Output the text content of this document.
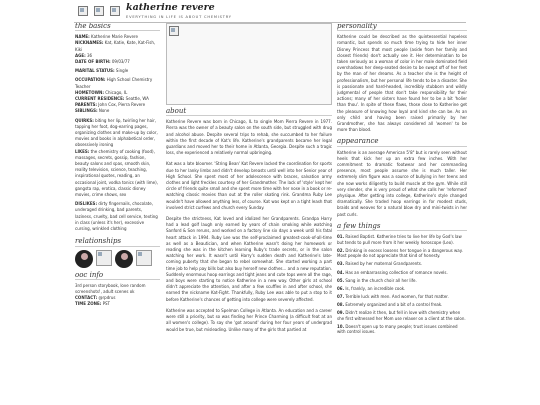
katherine revere
EVERYTHING IN LIFE IS ABOUT CHEMISTRY
the basics
NAME: Katherine Marie Revere
NICKNAMES: Kat, Katie, Kate, Kat-Fish, Kiki
AGE: 36
DATE OF BIRTH: 09/03/77
MARITAL STATUS: Single
OCCUPATION: High School Chemistry Teacher
HOMETOWN: Chicago, IL
CURRENT RESIDENCE: Seattle, WA
PARENTS: John Cox, Pierra Revere
SIBLINGS: None
QUIRKS: biting her lip, twirling her hair, tapping her foot, dog-earring pages, organizing clothes and make-up by color, movies and books in alphabetical order, obsessively ironing
LIKES: the chemistry of cooking (food), massages, secrets, gossip, fashion, beauty salons and spas, smooth skin, reality television, science, teaching, inspirational quotes, reading, an occasional joint, vodka tonics (with lime), gangsta rap, erotica, classic disney movies, crime shows, sex
DISLIKES: dirty fingernails, chocolate, underaged drinking, bad parents, laziness, cruelty, bad cell service, texting in class (unless it's her), excessive cursing, wrinkled clothing
relationships
ooc info
3rd person storybook, love random screenshots!, adult scenes ok
CONTACT: @rpdrus
TIME ZONE: PST
about
Katherine Revere was born in Chicago, IL to single Mom Pierra Revere in 1977. Pierra was the owner of a beauty salon on the south side, but struggled with drug and alcohol abuse. Despite several trips to rehab, she succumbed to her failure within the first decade of Kat's life. Katherine's grandparents became her legal guardians and moved her to their home in Atlanta, Georgia. Despite such a tragic loss, she experienced a relatively normal upbringing.
Kat was a late bloomer. 'String Bean' Kat Revere lacked the coordination for sports due to her lanky limbs and didn't develop breasts until well into her Senior year of High School. She spent most of her adolescence with braces, salvation army clothes and light freckles courtesy of her Grandmother. The lack of 'style' kept her circle of friends quite small and she spent more time with her nose in a book or re-watching classic movies than out at the roller skating rink. Grandma Ruby Lee wouldn't have allowed anything less, of course. Kat was kept on a tight leash that involved strict curfews and church every Sunday.
Despite the strictness, Kat loved and idolized her Grandparents. Grandpa Harry had a lead golf laugh only earned by years of chain smoking while watching Sanford & Son reruns, and worked on a factory line six days a week until his fatal heart attack in 1994. Ruby Lee was the self-proclaimed greatest-cook-of-all-time as well as a Beautician, and when Katherine wasn't doing her homework or reading she was in the kitchen learning Ruby's trade secrets, or in the salon watching her work. It wasn't until Harry's sudden death and Katherine's late-coming puberty that she began to rebel somewhat. She started working a part time job to help pay bills but also buy herself new clothes... and a new reputation. Suddenly enormous hoop earrings and tight jeans and cute tops were all the rage, and boys were starting to notice Katherine in a new way. Other girls at school didn't appreciate the attention, and after a few scuffles in and after school, she earned the nickname Kat-Fight. Thankfully, Ruby Lee was able to put a stop to it before Katherine's chances of getting into college were severely affected.
Katherine was accepted to Spelman College in Atlanta. An education and a career were still a priority, but so was finding her Prince Charming (a difficult feat at an all women's college). To say she 'got around' during her four years of undergrad would be true, but misleading. Unlike many of the girls that partied at
personality
Katherine could be described as the quintessential hopeless romantic, but spends so much time trying to hide her inner Disney Princess that most people (aside from her family and closest friends) don't actually see it. Her determination to be taken seriously as a woman of color in her male dominated field overshadows her deep-seated desire to be swept off of her feet by the man of her dreams. As a teacher she is the height of professionalism, but her personal life tends to be a disaster. She is passionate and hard-headed, incredibly stubborn and wildly judgmental of people that don't take responsibility for their actions; many of her sisters have found her to be a bit 'holier than thou'. In spite of these flaws, those close to Katherine get the pleasure of knowing how loyal and kind she can be. As an only child and having been raised primarily by her Grandmother, she has always considered all 'women' to be more than blood.
appearance
Katherine is an average American 5'8" but is rarely seen without heels that kick her up an extra few inches. With her commitment to dramatic footwear and her commanding presence, most people assume she is much taller. Her extremely slim figure was a source of bullying in her teens and she now works diligently to build muscle at the gym. While still very slender, she is very proud of what she calls her 'reformed' physique. After getting into college, Katherine's style changed dramatically. She traded hoop earrings in for modest studs, braids and weaves for a natural blow dry and mini-twists in her past curls.
a few things
01. Raised Baptist. Katherine tries to live her life by God's law but tends to pull more from it her weekly horoscope (Leo).
02. Drinking in excess loosens her tongue in a dangerous way. Most people do not appreciate that kind of honesty.
03. Raised by her maternal Grandparents.
04. Has an embarrassing collection of romance novels.
05. Sang in the church choir all her life.
06. Is, frankly, an incredible cook.
07. Terrible luck with men. And women, for that matter.
08. Extremely organized and a bit of a control freak.
09. Didn't realize it then, but fell in love with chemistry when she first witnessed her Mom use relaxer on a client at the salon.
10. Doesn't open up to many people; trust issues combined with control issues.
